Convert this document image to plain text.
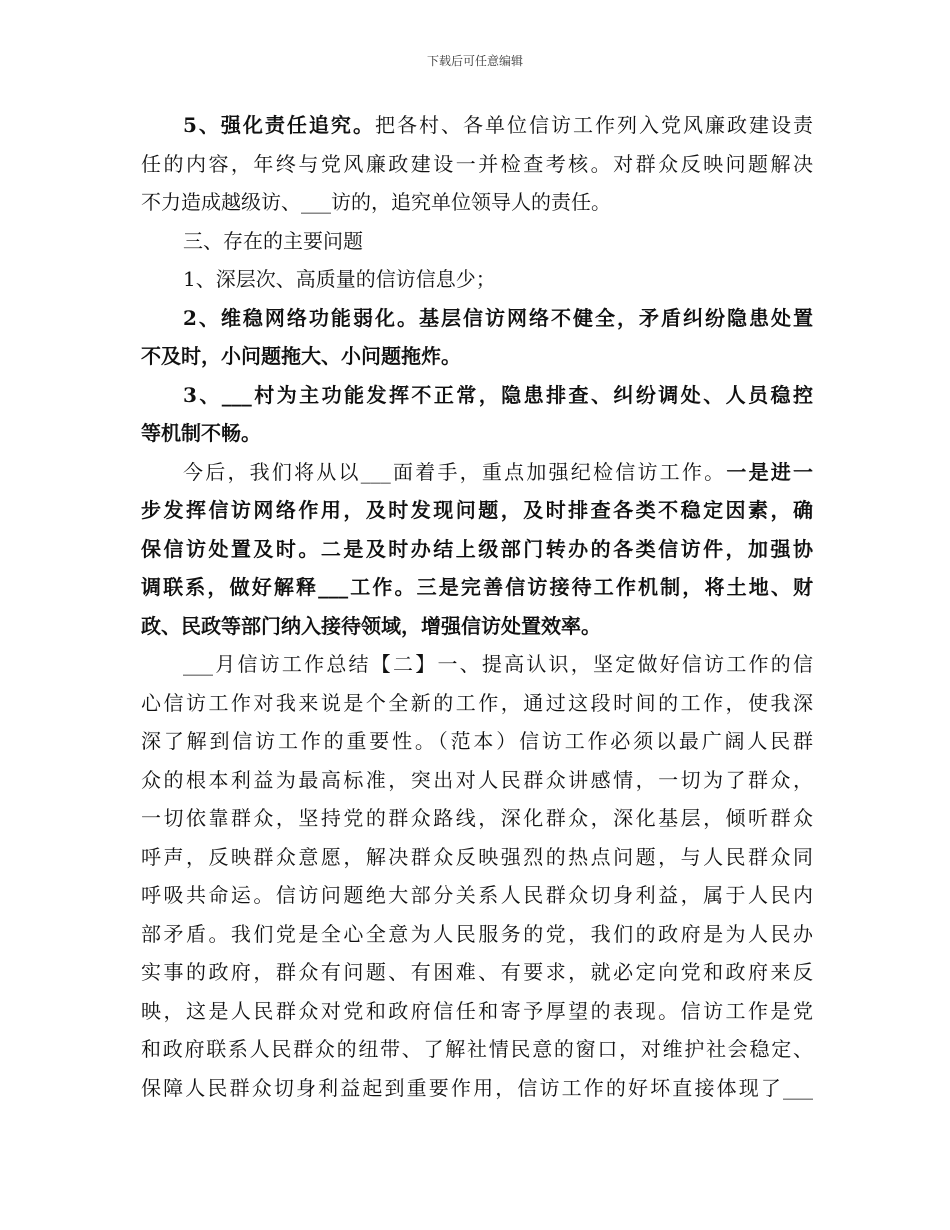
下载后可任意编辑
5、强化责任追究。把各村、各单位信访工作列入党风廉政建设责
任的内容，年终与党风廉政建设一并检查考核。对群众反映问题解决
不力造成越级访、___访的，追究单位领导人的责任。
三、存在的主要问题
1、深层次、高质量的信访信息少；
2、维稳网络功能弱化。基层信访网络不健全，矛盾纠纷隐患处置
不及时，小问题拖大、小问题拖炸。
3、___村为主功能发挥不正常，隐患排查、纠纷调处、人员稳控
等机制不畅。
今后，我们将从以___面着手，重点加强纪检信访工作。一是进一
步发挥信访网络作用，及时发现问题，及时排查各类不稳定因素，确
保信访处置及时。二是及时办结上级部门转办的各类信访件，加强协
调联系，做好解释___工作。三是完善信访接待工作机制，将土地、财
政、民政等部门纳入接待领域，增强信访处置效率。
___月信访工作总结【二】一、提高认识，坚定做好信访工作的信
心信访工作对我来说是个全新的工作，通过这段时间的工作，使我深
深了解到信访工作的重要性。（范本）信访工作必须以最广阔人民群
众的根本利益为最高标准，突出对人民群众讲感情，一切为了群众，
一切依靠群众，坚持党的群众路线，深化群众，深化基层，倾听群众
呼声，反映群众意愿，解决群众反映强烈的热点问题，与人民群众同
呼吸共命运。信访问题绝大部分关系人民群众切身利益，属于人民内
部矛盾。我们党是全心全意为人民服务的党，我们的政府是为人民办
实事的政府，群众有问题、有困难、有要求，就必定向党和政府来反
映，这是人民群众对党和政府信任和寄予厚望的表现。信访工作是党
和政府联系人民群众的纽带、了解社情民意的窗口，对维护社会稳定、
保障人民群众切身利益起到重要作用，信访工作的好坏直接体现了___
